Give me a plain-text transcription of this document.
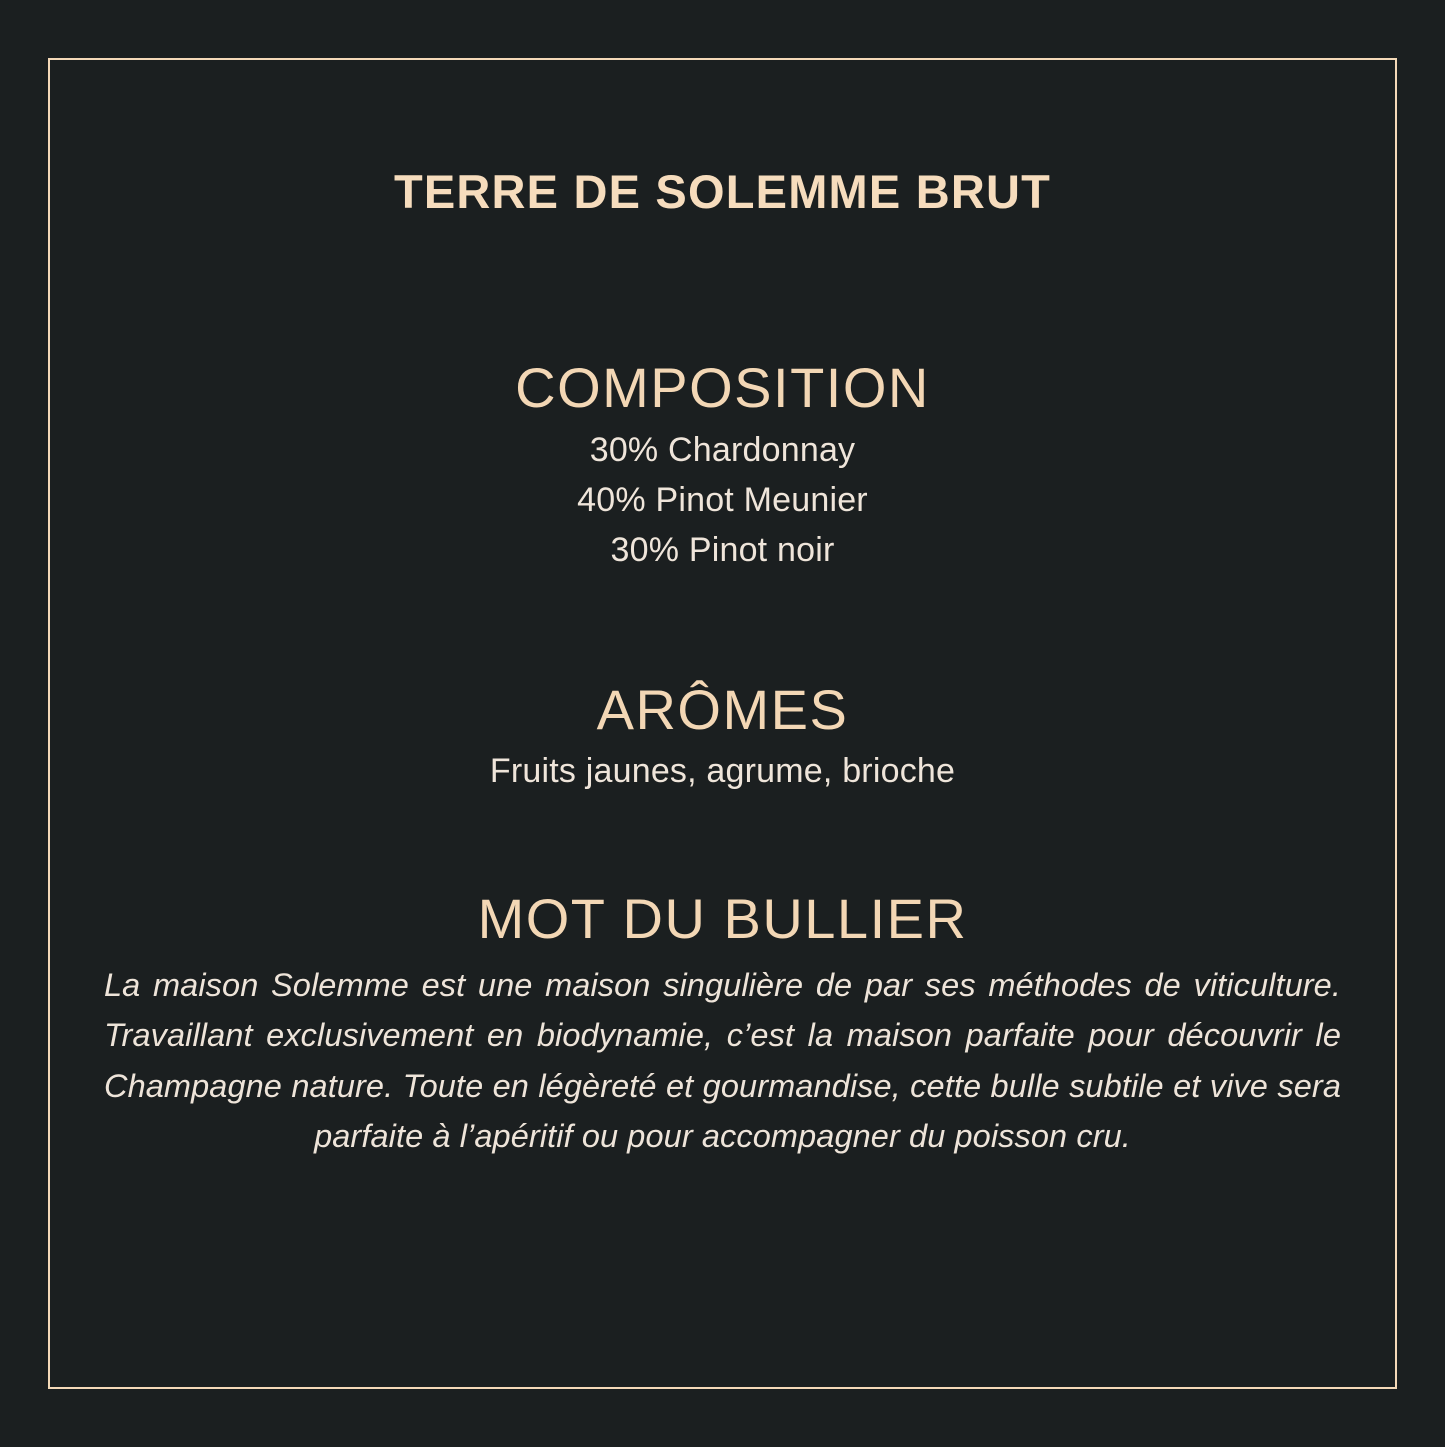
TERRE DE SOLEMME BRUT
COMPOSITION
30% Chardonnay
40% Pinot Meunier
30% Pinot noir
ARÔMES
Fruits jaunes, agrume, brioche
MOT DU BULLIER
La maison Solemme est une maison singulière de par ses méthodes de viticulture. Travaillant exclusivement en biodynamie, c’est la maison parfaite pour découvrir le Champagne nature. Toute en légèreté et gourmandise, cette bulle subtile et vive sera parfaite à l’apéritif ou pour accompagner du poisson cru.
